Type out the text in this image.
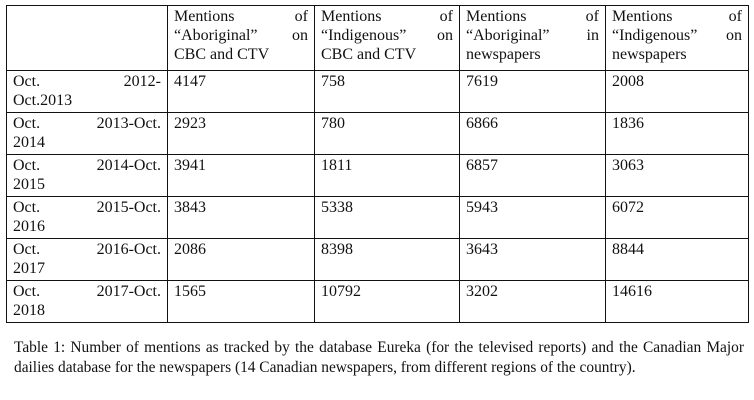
	Mentions of “Aboriginal” on CBC and CTV	Mentions of “Indigenous” on CBC and CTV	Mentions of “Aboriginal” in newspapers	Mentions of “Indigenous” on newspapers

Oct. 2012-
Oct.2013	4147	758	7619	2008

Oct. 2013-Oct.
2014	2923	780	6866	1836

Oct. 2014-Oct.
2015	3941	1811	6857	3063

Oct. 2015-Oct.
2016	3843	5338	5943	6072

Oct. 2016-Oct.
2017	2086	8398	3643	8844

Oct. 2017-Oct.
2018	1565	10792	3202	14616

Table 1: Number of mentions as tracked by the database Eureka (for the televised reports) and the Canadian Major dailies database for the newspapers (14 Canadian newspapers, from different regions of the country).
